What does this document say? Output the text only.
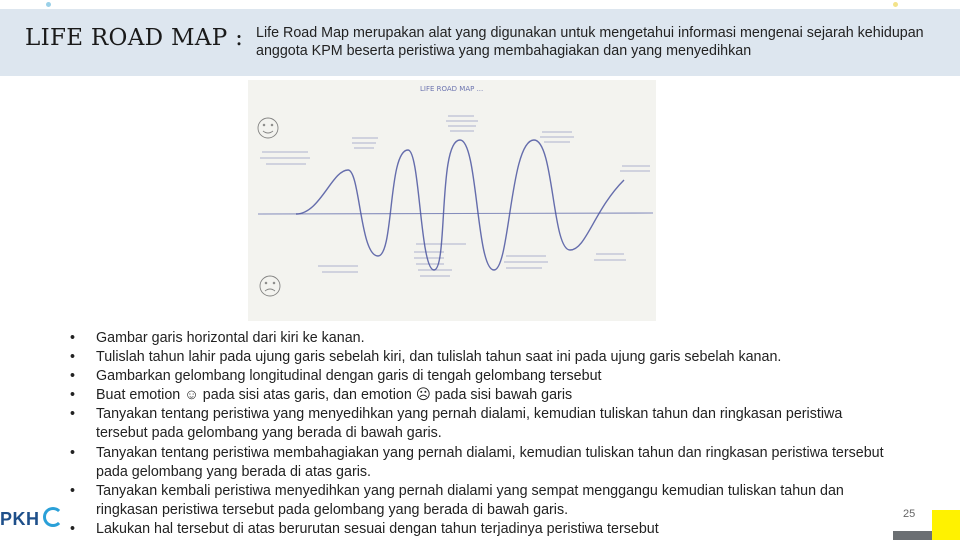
LIFE ROAD MAP : Life Road Map merupakan alat yang digunakan untuk mengetahui informasi mengenai sejarah kehidupan anggota KPM beserta peristiwa yang membahagiakan dan yang menyedihkan
LIFE ROAD MAP ...
• Gambar garis horizontal dari kiri ke kanan.
• Tulislah tahun lahir pada ujung garis sebelah kiri, dan tulislah tahun saat ini pada ujung garis sebelah kanan.
• Gambarkan gelombang longitudinal dengan garis di tengah gelombang tersebut
• Buat emotion ☺ pada sisi atas garis, dan emotion ☹ pada sisi bawah garis
• Tanyakan tentang peristiwa yang menyedihkan yang pernah dialami, kemudian tuliskan tahun dan ringkasan peristiwa tersebut pada gelombang yang berada di bawah garis.
• Tanyakan tentang peristiwa membahagiakan yang pernah dialami, kemudian tuliskan tahun dan ringkasan peristiwa tersebut pada gelombang yang berada di atas garis.
• Tanyakan kembali peristiwa menyedihkan yang pernah dialami yang sempat menggangu kemudian tuliskan tahun dan ringkasan peristiwa tersebut pada gelombang yang berada di bawah garis.
• Lakukan hal tersebut di atas berurutan sesuai dengan tahun terjadinya peristiwa tersebut
PKH	25
